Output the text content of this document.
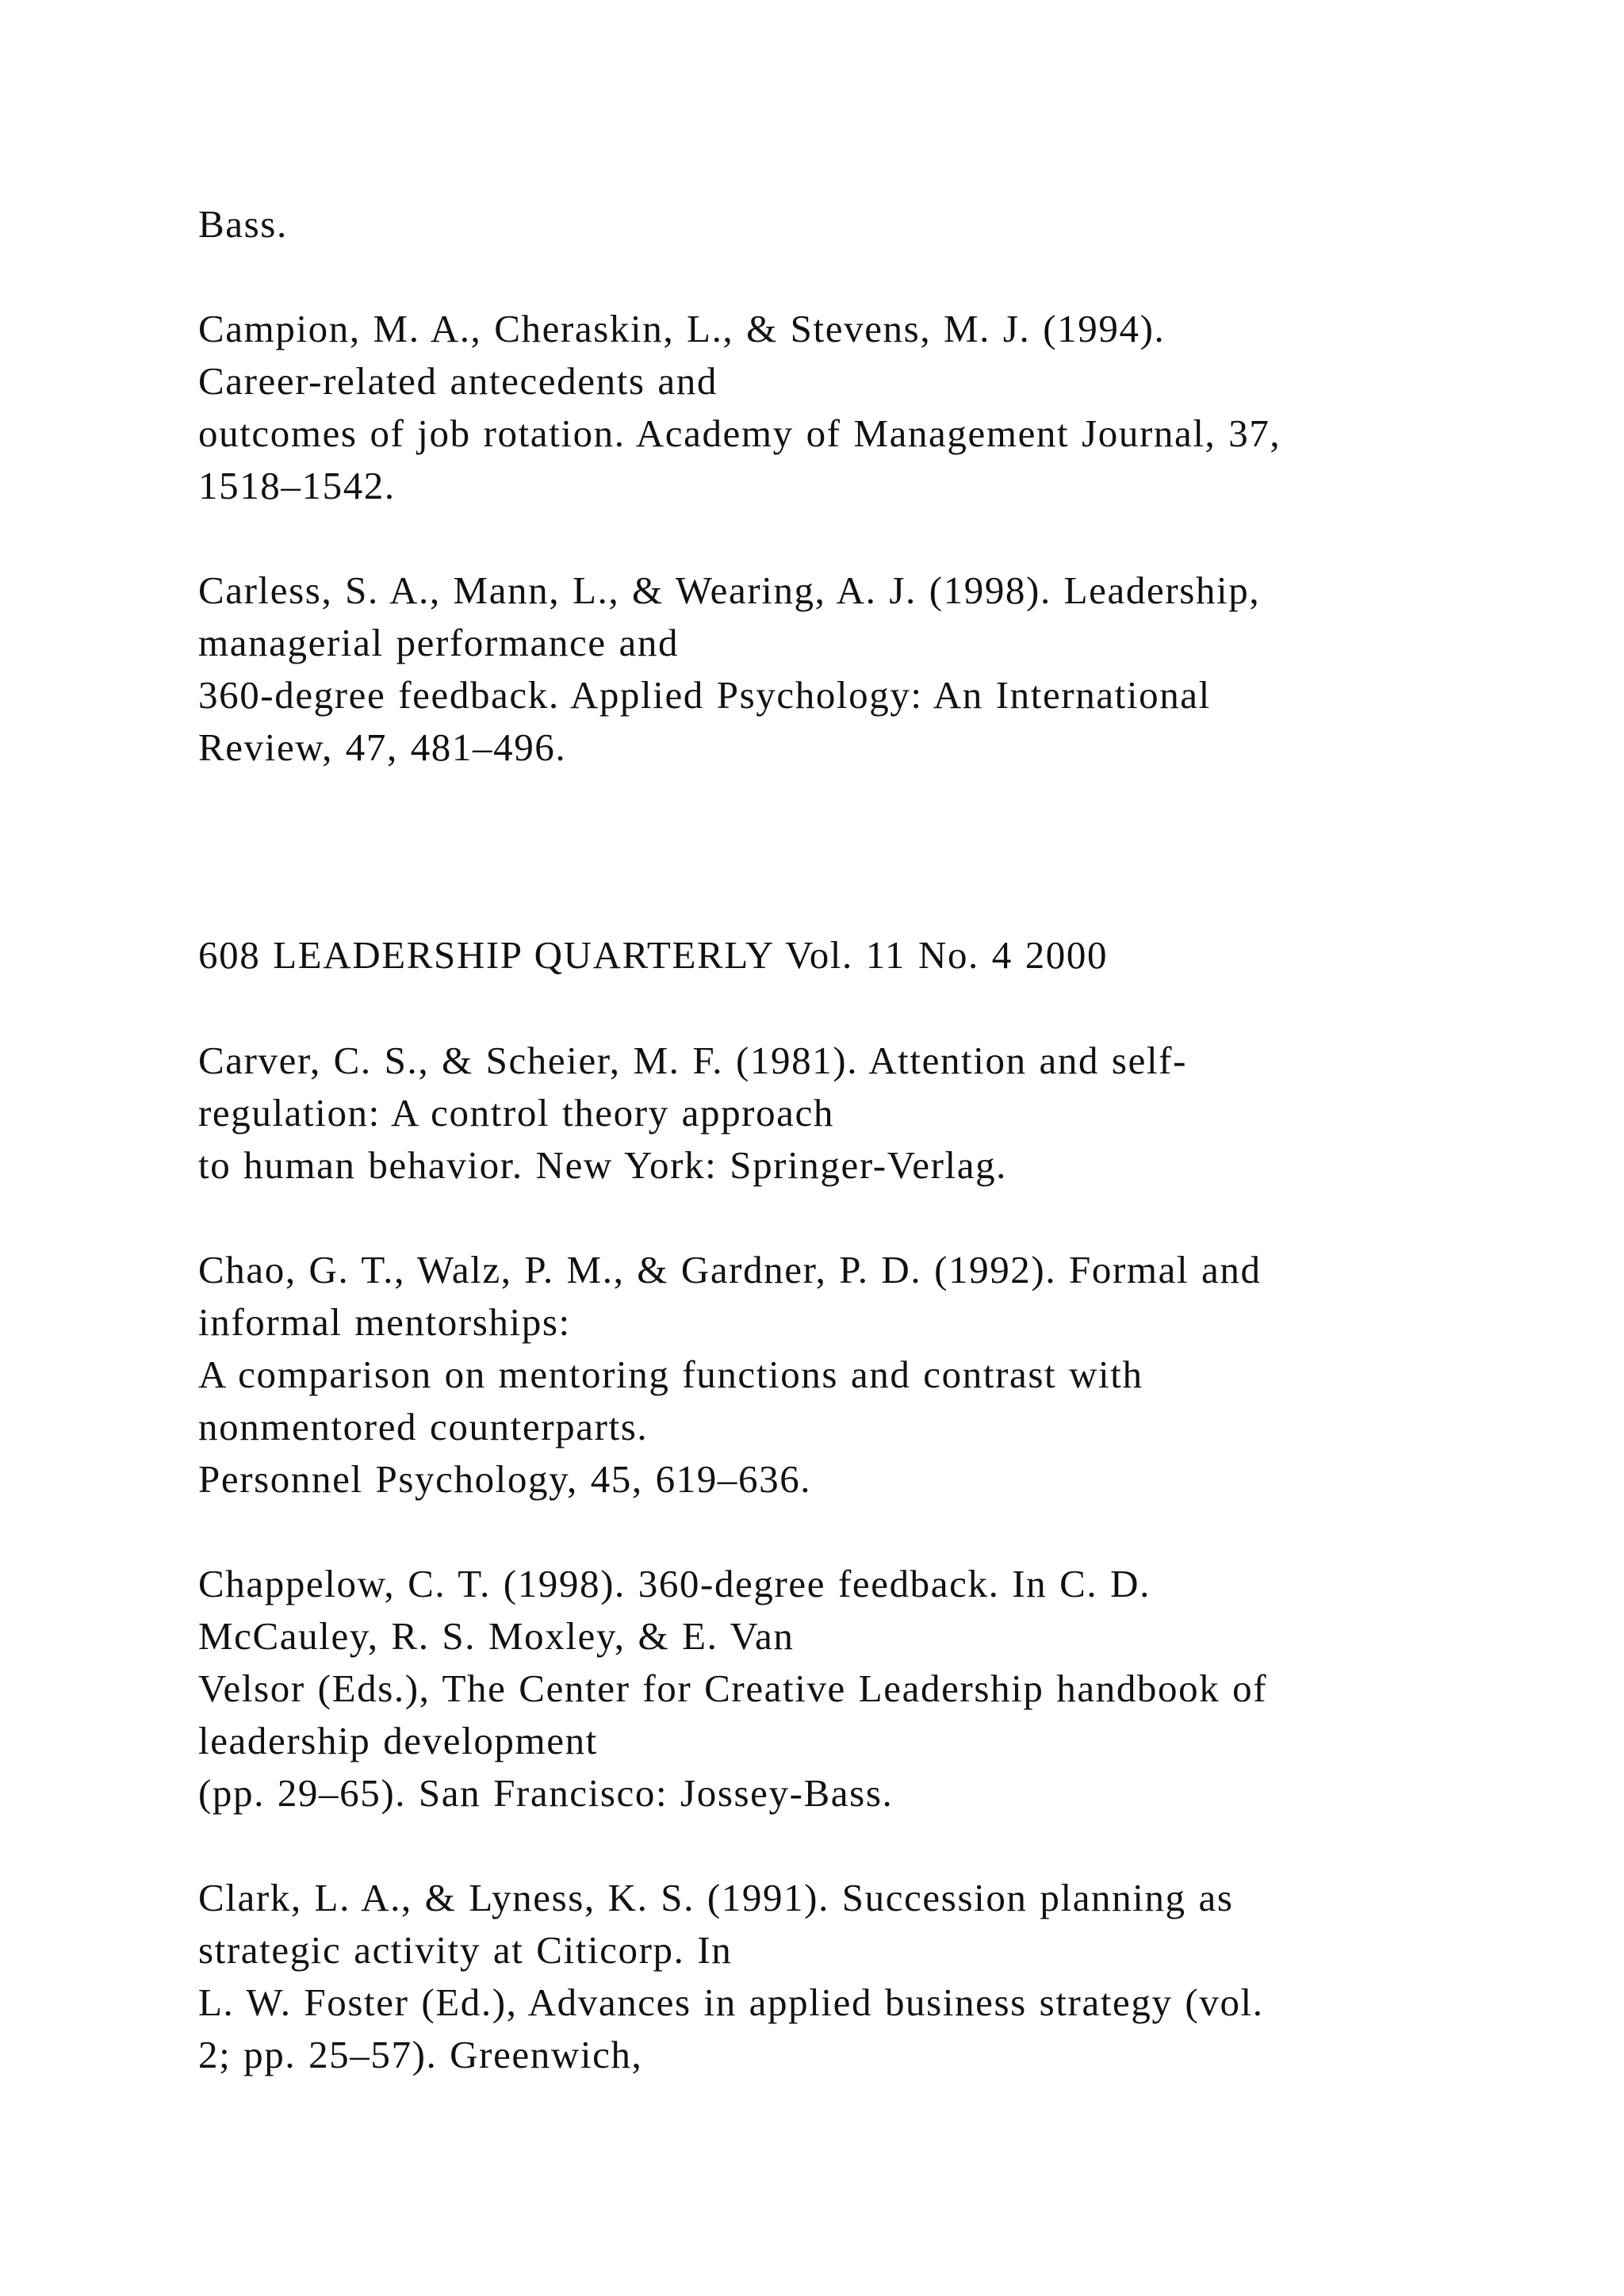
Bass.
Campion, M. A., Cheraskin, L., & Stevens, M. J. (1994).
Career-related antecedents and
outcomes of job rotation. Academy of Management Journal, 37,
1518–1542.
Carless, S. A., Mann, L., & Wearing, A. J. (1998). Leadership,
managerial performance and
360-degree feedback. Applied Psychology: An International
Review, 47, 481–496.
608 LEADERSHIP QUARTERLY Vol. 11 No. 4 2000
Carver, C. S., & Scheier, M. F. (1981). Attention and self-
regulation: A control theory approach
to human behavior. New York: Springer-Verlag.
Chao, G. T., Walz, P. M., & Gardner, P. D. (1992). Formal and
informal mentorships:
A comparison on mentoring functions and contrast with
nonmentored counterparts.
Personnel Psychology, 45, 619–636.
Chappelow, C. T. (1998). 360-degree feedback. In C. D.
McCauley, R. S. Moxley, & E. Van
Velsor (Eds.), The Center for Creative Leadership handbook of
leadership development
(pp. 29–65). San Francisco: Jossey-Bass.
Clark, L. A., & Lyness, K. S. (1991). Succession planning as
strategic activity at Citicorp. In
L. W. Foster (Ed.), Advances in applied business strategy (vol.
2; pp. 25–57). Greenwich,
